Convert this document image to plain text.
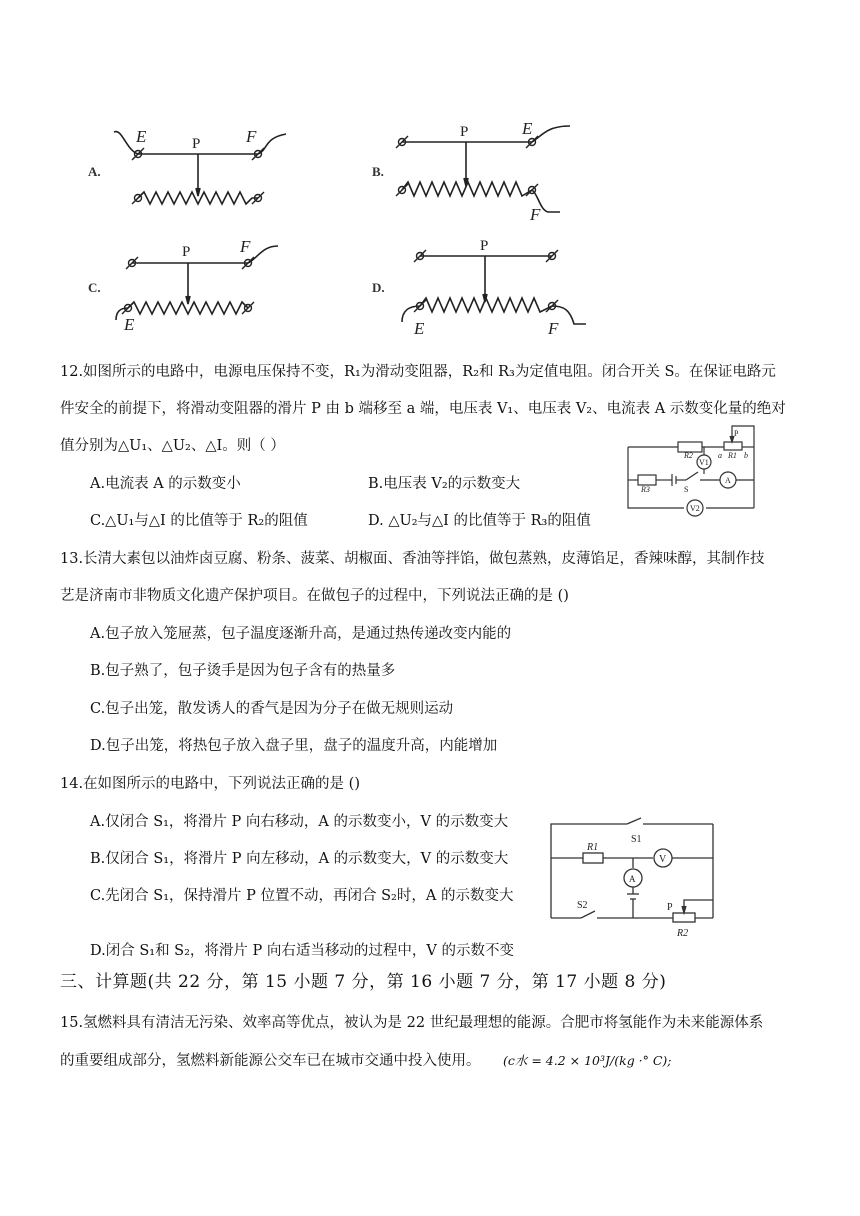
E	F	E
F
F
E	E	F
P
P
P	P
A.	B.
C.	D.
12.如图所示的电路中，电源电压保持不变，R₁为滑动变阻器，R₂和 R₃为定值电阻。闭合开关 S。在保证电路元
件安全的前提下，将滑动变阻器的滑片 P 由 b 端移至 a 端，电压表 V₁、电压表 V₂、电流表 A 示数变化量的绝对
值分别为△U₁、△U₂、△I。则（ ）
A.电流表 A 的示数变小	B.电压表 V₂的示数变大
C.△U₁与△I 的比值等于 R₂的阻值	D. △U₂与△I 的比值等于 R₃的阻值
R2	R1
a	b
R3
P
S
V1
A
V2
13.长清大素包以油炸卤豆腐、粉条、菠菜、胡椒面、香油等拌馅，做包蒸熟，皮薄馅足，香辣味醇，其制作技
艺是济南市非物质文化遗产保护项目。在做包子的过程中，下列说法正确的是 ()
A.包子放入笼屉蒸，包子温度逐渐升高，是通过热传递改变内能的
B.包子熟了，包子烫手是因为包子含有的热量多
C.包子出笼，散发诱人的香气是因为分子在做无规则运动
D.包子出笼，将热包子放入盘子里，盘子的温度升高，内能增加
14.在如图所示的电路中，下列说法正确的是 ()
A.仅闭合 S₁，将滑片 P 向右移动，A 的示数变小，V 的示数变大
B.仅闭合 S₁，将滑片 P 向左移动，A 的示数变大，V 的示数变大
C.先闭合 S₁，保持滑片 P 位置不动，再闭合 S₂时，A 的示数变大
D.闭合 S₁和 S₂，将滑片 P 向右适当移动的过程中，V 的示数不变
S1
R1
S2
R2
P
V
A
三、计算题(共 22 分，第 15 小题 7 分，第 16 小题 7 分，第 17 小题 8 分)
15.氢燃料具有清洁无污染、效率高等优点，被认为是 22 世纪最理想的能源。合肥市将氢能作为未来能源体系
的重要组成部分，氢燃料新能源公交车已在城市交通中投入使用。 (c水 = 4.2 × 10³J/(kg ·° C);
